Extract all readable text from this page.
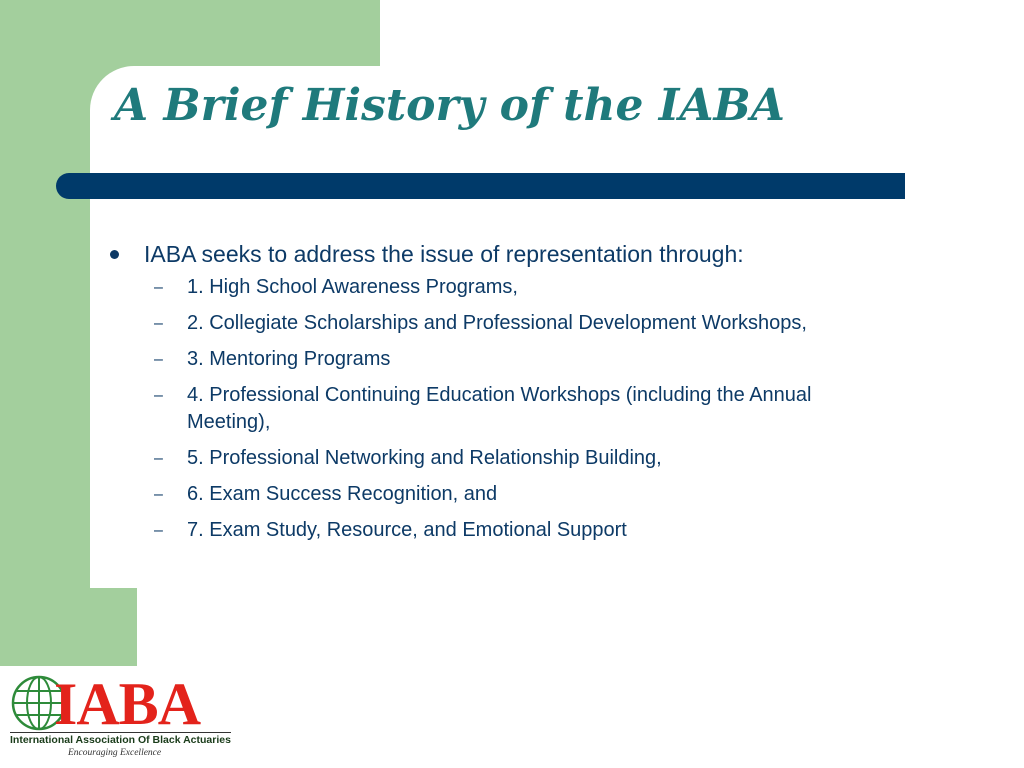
A Brief History of the IABA

IABA seeks to address the issue of representation through:

– 1. High School Awareness Programs,
– 2. Collegiate Scholarships and Professional Development Workshops,
– 3. Mentoring Programs
– 4. Professional Continuing Education Workshops (including the Annual Meeting),
– 5. Professional Networking and Relationship Building,
– 6. Exam Success Recognition, and
– 7. Exam Study, Resource, and Emotional Support

IABA

International Association Of Black Actuaries

Encouraging Excellence
